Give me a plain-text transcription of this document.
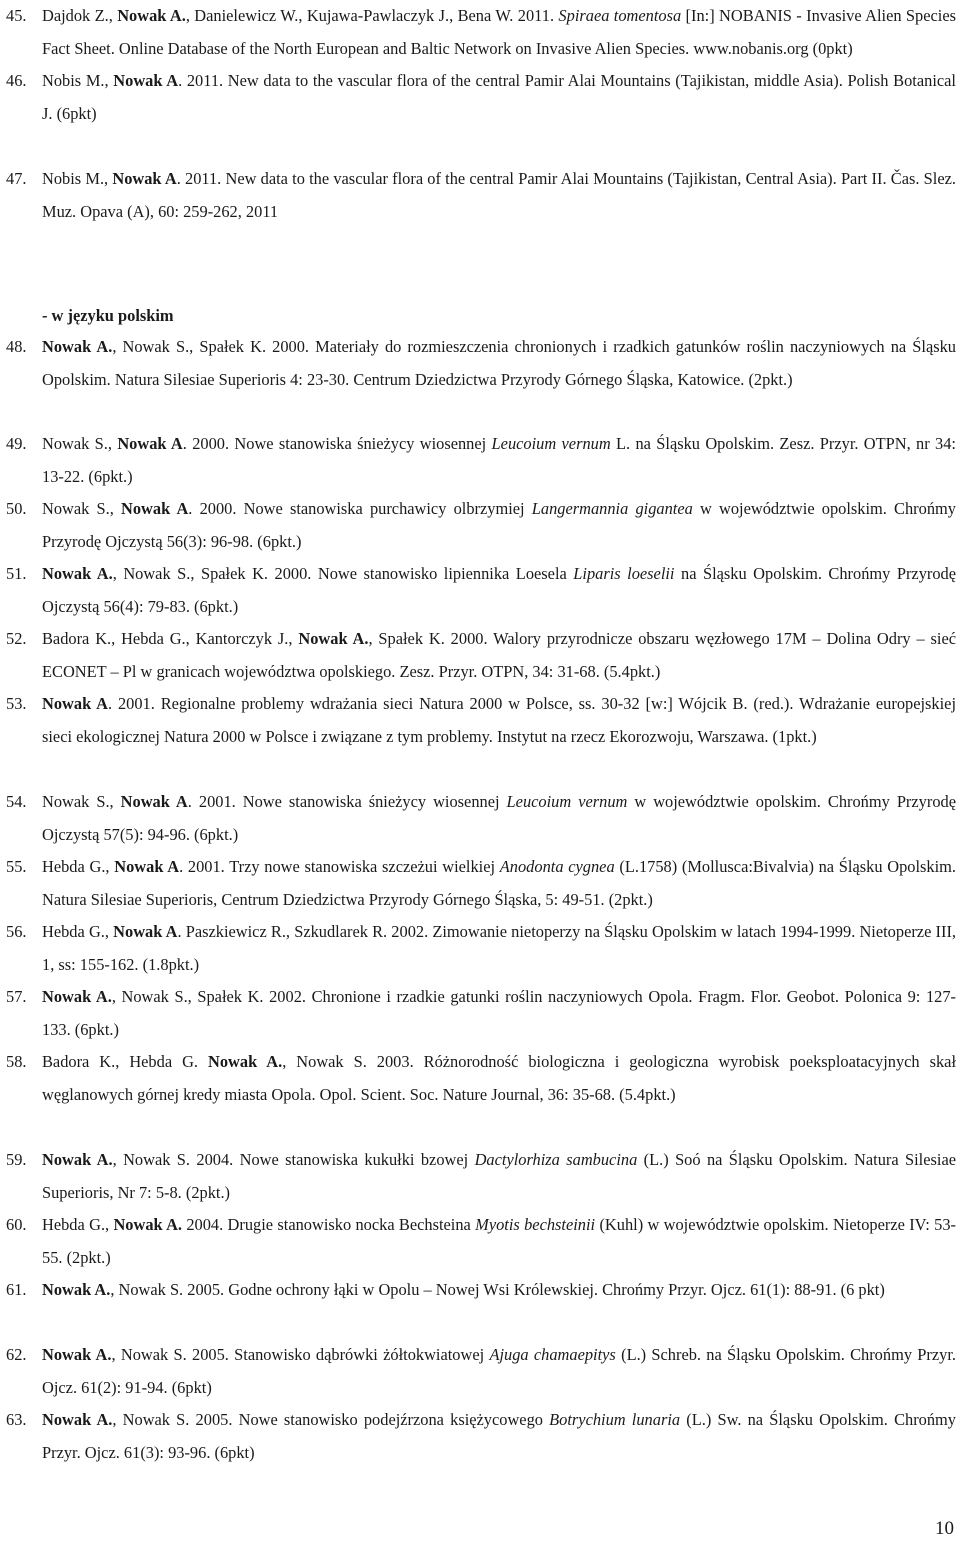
45. Dajdok Z., Nowak A., Danielewicz W., Kujawa-Pawlaczyk J., Bena W. 2011. Spiraea tomentosa [In:] NOBANIS - Invasive Alien Species Fact Sheet. Online Database of the North European and Baltic Network on Invasive Alien Species. www.nobanis.org (0pkt)
46. Nobis M., Nowak A. 2011. New data to the vascular flora of the central Pamir Alai Mountains (Tajikistan, middle Asia). Polish Botanical J. (6pkt)
47. Nobis M., Nowak A. 2011. New data to the vascular flora of the central Pamir Alai Mountains (Tajikistan, Central Asia). Part II. Čas. Slez. Muz. Opava (A), 60: 259-262, 2011
48. Nowak A., Nowak S., Spałek K. 2000. Materiały do rozmieszczenia chronionych i rzadkich gatunków roślin naczyniowych na Śląsku Opolskim. Natura Silesiae Superioris 4: 23-30. Centrum Dziedzictwa Przyrody Górnego Śląska, Katowice. (2pkt.)
49. Nowak S., Nowak A. 2000. Nowe stanowiska śnieżycy wiosennej Leucoium vernum L. na Śląsku Opolskim. Zesz. Przyr. OTPN, nr 34: 13-22. (6pkt.)
50. Nowak S., Nowak A. 2000. Nowe stanowiska purchawicy olbrzymiej Langermannia gigantea w województwie opolskim. Chrońmy Przyrodę Ojczystą 56(3): 96-98. (6pkt.)
51. Nowak A., Nowak S., Spałek K. 2000. Nowe stanowisko lipiennika Loesela Liparis loeselii na Śląsku Opolskim. Chrońmy Przyrodę Ojczystą 56(4): 79-83. (6pkt.)
52. Badora K., Hebda G., Kantorczyk J., Nowak A., Spałek K. 2000. Walory przyrodnicze obszaru węzłowego 17M – Dolina Odry – sieć ECONET – Pl w granicach województwa opolskiego. Zesz. Przyr. OTPN, 34: 31-68. (5.4pkt.)
53. Nowak A. 2001. Regionalne problemy wdrażania sieci Natura 2000 w Polsce, ss. 30-32 [w:] Wójcik B. (red.). Wdrażanie europejskiej sieci ekologicznej Natura 2000 w Polsce i związane z tym problemy. Instytut na rzecz Ekorozwoju, Warszawa. (1pkt.)
54. Nowak S., Nowak A. 2001. Nowe stanowiska śnieżycy wiosennej Leucoium vernum w województwie opolskim. Chrońmy Przyrodę Ojczystą 57(5): 94-96. (6pkt.)
55. Hebda G., Nowak A. 2001. Trzy nowe stanowiska szczeżui wielkiej Anodonta cygnea (L.1758) (Mollusca:Bivalvia) na Śląsku Opolskim. Natura Silesiae Superioris, Centrum Dziedzictwa Przyrody Górnego Śląska, 5: 49-51. (2pkt.)
56. Hebda G., Nowak A. Paszkiewicz R., Szkudlarek R. 2002. Zimowanie nietoperzy na Śląsku Opolskim w latach 1994-1999. Nietoperze III, 1, ss: 155-162. (1.8pkt.)
57. Nowak A., Nowak S., Spałek K. 2002. Chronione i rzadkie gatunki roślin naczyniowych Opola. Fragm. Flor. Geobot. Polonica 9: 127-133. (6pkt.)
58. Badora K., Hebda G. Nowak A., Nowak S. 2003. Różnorodność biologiczna i geologiczna wyrobisk poeksploatacyjnych skał węglanowych górnej kredy miasta Opola. Opol. Scient. Soc. Nature Journal, 36: 35-68. (5.4pkt.)
59. Nowak A., Nowak S. 2004. Nowe stanowiska kukułki bzowej Dactylorhiza sambucina (L.) Soó na Śląsku Opolskim. Natura Silesiae Superioris, Nr 7: 5-8. (2pkt.)
60. Hebda G., Nowak A. 2004. Drugie stanowisko nocka Bechsteina Myotis bechsteinii (Kuhl) w województwie opolskim. Nietoperze IV: 53-55. (2pkt.)
61. Nowak A., Nowak S. 2005. Godne ochrony łąki w Opolu – Nowej Wsi Królewskiej. Chrońmy Przyr. Ojcz. 61(1): 88-91. (6 pkt)
62. Nowak A., Nowak S. 2005. Stanowisko dąbrówki żółtokwiatowej Ajuga chamaepitys (L.) Schreb. na Śląsku Opolskim. Chrońmy Przyr. Ojcz. 61(2): 91-94. (6pkt)
63. Nowak A., Nowak S. 2005. Nowe stanowisko podejźrzona księżycowego Botrychium lunaria (L.) Sw. na Śląsku Opolskim. Chrońmy Przyr. Ojcz. 61(3): 93-96. (6pkt)
- w języku polskim
10
